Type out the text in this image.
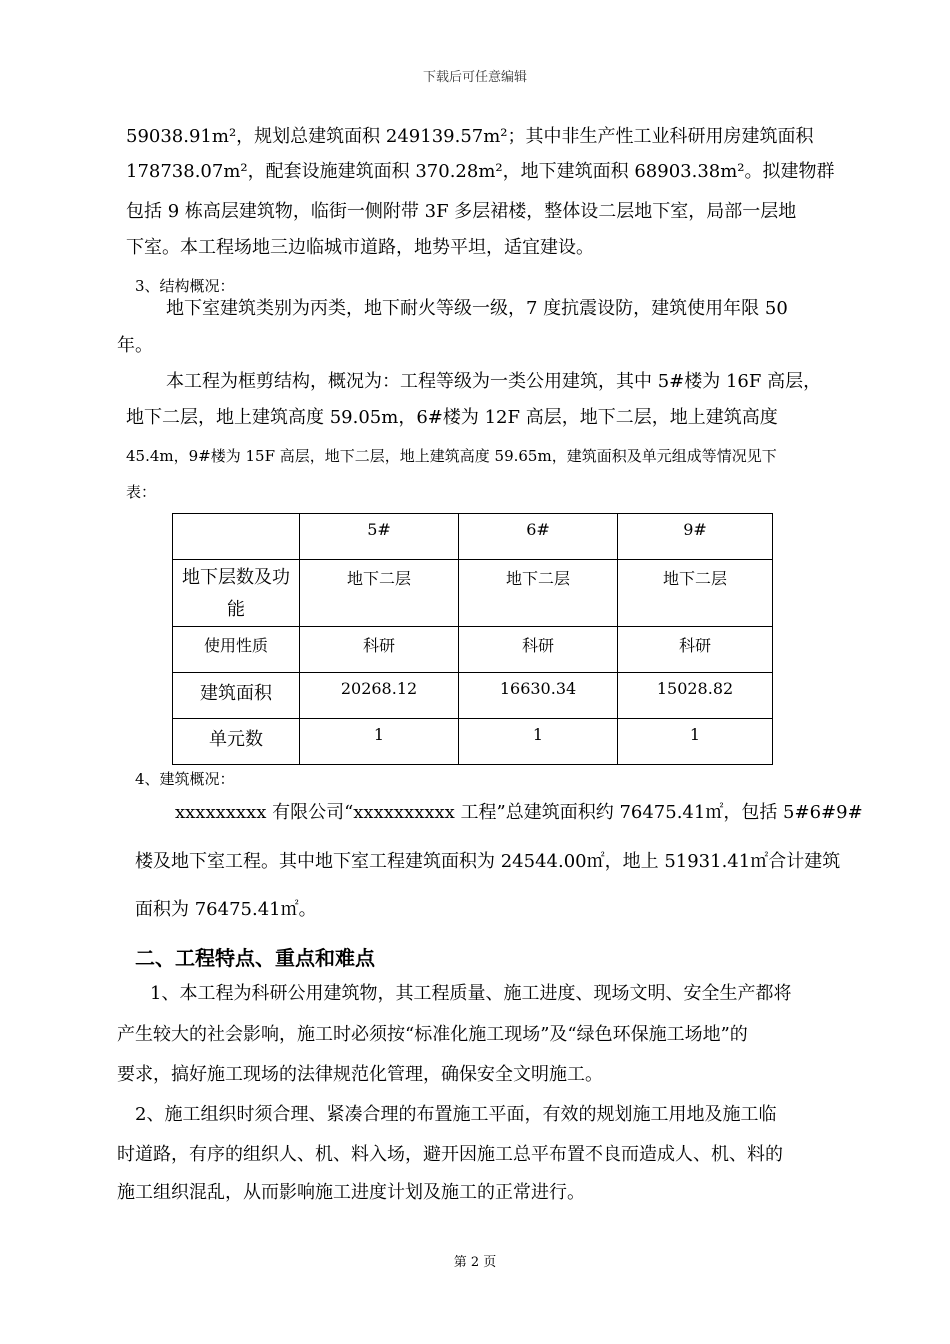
下载后可任意编辑
59038.91m²，规划总建筑面积 249139.57m²；其中非生产性工业科研用房建筑面积
178738.07m²，配套设施建筑面积 370.28m²，地下建筑面积 68903.38m²。拟建物群
包括 9 栋高层建筑物，临街一侧附带 3F 多层裙楼，整体设二层地下室，局部一层地
下室。本工程场地三边临城市道路，地势平坦，适宜建设。
3、结构概况：
地下室建筑类别为丙类，地下耐火等级一级，7 度抗震设防，建筑使用年限 50
年。
本工程为框剪结构，概况为：工程等级为一类公用建筑，其中 5#楼为 16F 高层，
地下二层，地上建筑高度 59.05m，6#楼为 12F 高层，地下二层，地上建筑高度
45.4m，9#楼为 15F 高层，地下二层，地上建筑高度 59.65m，建筑面积及单元组成等情况见下
表：
	5#	6#	9#
地下层数及功能	地下二层	地下二层	地下二层
使用性质	科研	科研	科研
建筑面积	20268.12	16630.34	15028.82
单元数	1	1	1
4、建筑概况：
xxxxxxxxx 有限公司“xxxxxxxxxx 工程”总建筑面积约 76475.41㎡，包括 5#6#9#
楼及地下室工程。其中地下室工程建筑面积为 24544.00㎡，地上 51931.41㎡合计建筑
面积为 76475.41㎡。
二、工程特点、重点和难点
1、本工程为科研公用建筑物，其工程质量、施工进度、现场文明、安全生产都将
产生较大的社会影响，施工时必须按“标准化施工现场”及“绿色环保施工场地”的
要求，搞好施工现场的法律规范化管理，确保安全文明施工。
2、施工组织时须合理、紧凑合理的布置施工平面，有效的规划施工用地及施工临
时道路，有序的组织人、机、料入场，避开因施工总平布置不良而造成人、机、料的
施工组织混乱，从而影响施工进度计划及施工的正常进行。
第 2 页
